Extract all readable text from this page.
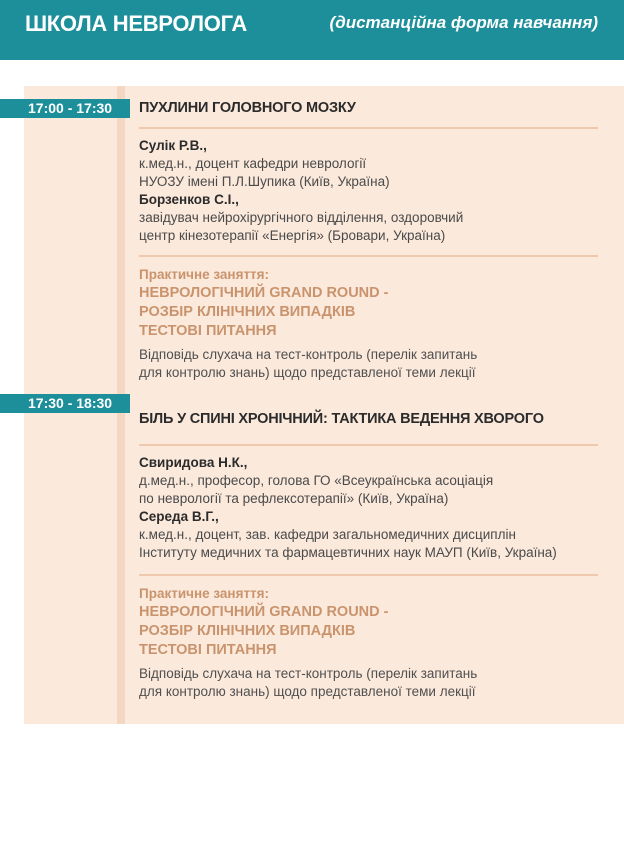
ШКОЛА НЕВРОЛОГА	(дистанційна форма навчання)
17:00 - 17:30	ПУХЛИНИ ГОЛОВНОГО МОЗКУ
Сулік Р.В.,
к.мед.н., доцент кафедри неврології
НУОЗУ імені П.Л.Шупика (Київ, Україна)
Борзенков С.І.,
завідувач нейрохірургічного відділення, оздоровчий
центр кінезотерапії «Енергія» (Бровари, Україна)
Практичне заняття:
НЕВРОЛОГІЧНИЙ GRAND ROUND -
РОЗБІР КЛІНІЧНИХ ВИПАДКІВ
ТЕСТОВІ ПИТАННЯ
Відповідь слухача на тест-контроль (перелік запитань
для контролю знань) щодо представленої теми лекції
17:30 - 18:30
БІЛЬ У СПИНІ ХРОНІЧНИЙ: ТАКТИКА ВЕДЕННЯ ХВОРОГО
Свиридова Н.К.,
д.мед.н., професор, голова ГО «Всеукраїнська асоціація
по неврології та рефлексотерапії» (Київ, Україна)
Середа В.Г.,
к.мед.н., доцент, зав. кафедри загальномедичних дисциплін
Інституту медичних та фармацевтичних наук МАУП (Київ, Україна)
Практичне заняття:
НЕВРОЛОГІЧНИЙ GRAND ROUND -
РОЗБІР КЛІНІЧНИХ ВИПАДКІВ
ТЕСТОВІ ПИТАННЯ
Відповідь слухача на тест-контроль (перелік запитань
для контролю знань) щодо представленої теми лекції
